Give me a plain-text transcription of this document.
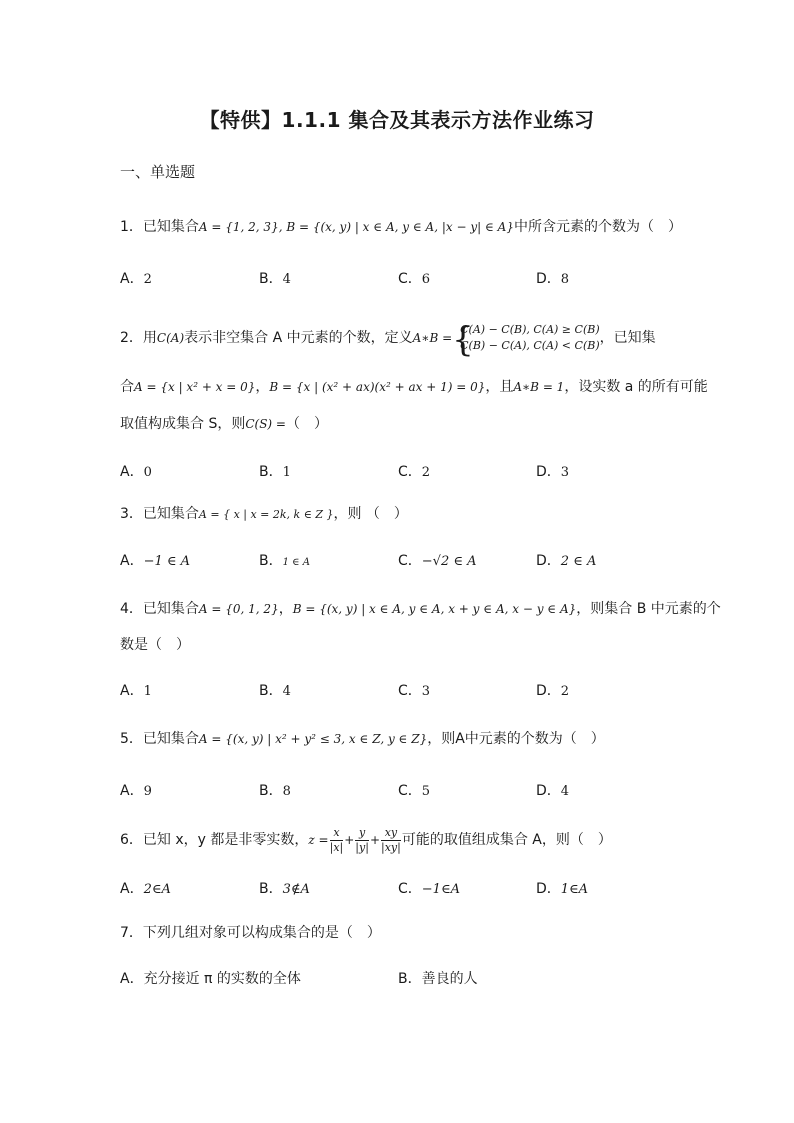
【特供】1.1.1 集合及其表示方法作业练习
一、单选题
1．已知集合A = {1, 2, 3}, B = {(x, y) | x ∈ A, y ∈ A, |x − y| ∈ A}中所含元素的个数为（　）
A．2	B．4	C．6	D．8
2．用C(A)表示非空集合 A 中元素的个数，定义A∗B = {
C(A) − C(B), C(A) ≥ C(B)
C(B) − C(A), C(A) < C(B) ，已知集
合A = {x | x² + x = 0}，B = {x | (x² + ax)(x² + ax + 1) = 0}，且A∗B = 1，设实数 a 的所有可能
取值构成集合 S，则C(S) =（　）
A．0	B．1	C．2	D．3
3．已知集合A = { x | x = 2k, k ∈ Z }，则 （　）
A．−1 ∈ A	B．1 ∈ A	C．−√2 ∈ A	D．2 ∈ A
4．已知集合A = {0, 1, 2}，B = {(x, y) | x ∈ A, y ∈ A, x + y ∈ A, x − y ∈ A}，则集合 B 中元素的个
数是（　）
A．1	B．4	C．3	D．2
5．已知集合A = {(x, y) | x² + y² ≤ 3, x ∈ Z, y ∈ Z}，则A中元素的个数为（　）
A．9	B．8	C．5	D．4
6．已知 x，y 都是非零实数，$z = \frac{x}{|x|} + \frac{y}{|y|} + \frac{xy}{|xy|}$ 可能的取值组成集合 A，则（　）
A．2∈A	B．3∉A	C．−1∈A	D．1∈A
7．下列几组对象可以构成集合的是（　）
A．充分接近 π 的实数的全体	B．善良的人
